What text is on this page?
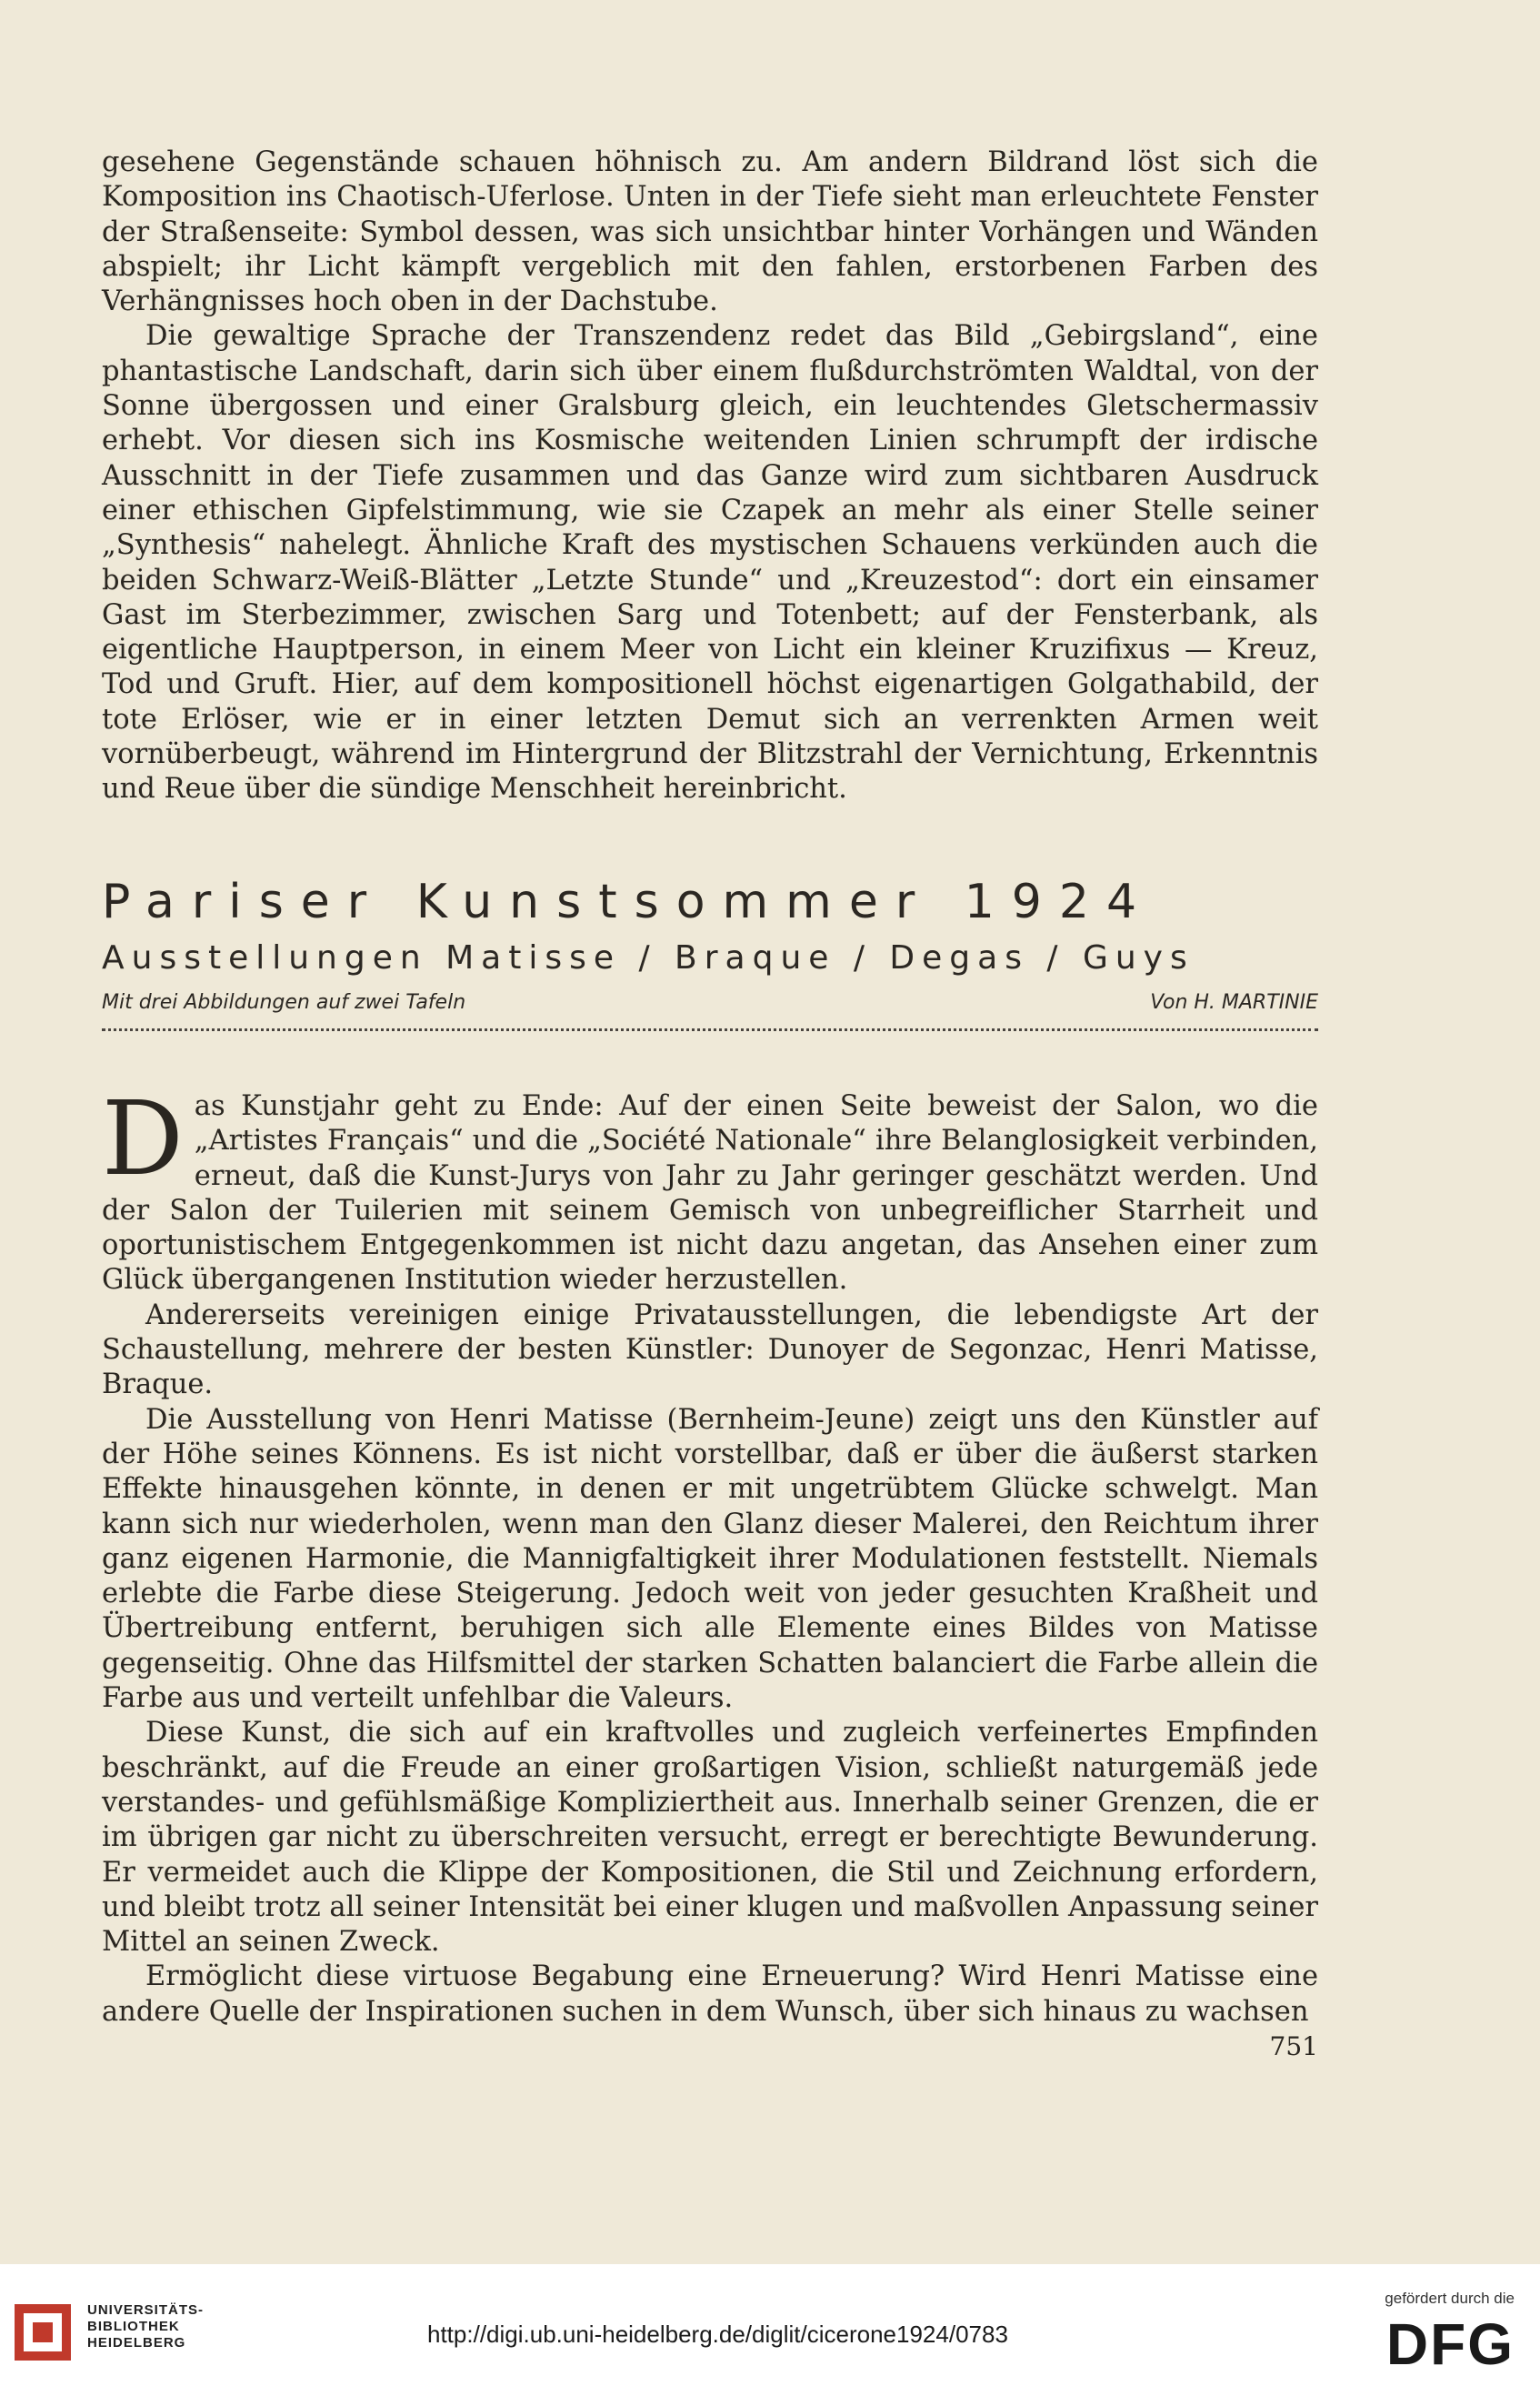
gesehene Gegenstände schauen höhnisch zu. Am andern Bildrand löst sich die Komposition ins Chaotisch-Uferlose. Unten in der Tiefe sieht man erleuchtete Fenster der Straßenseite: Symbol dessen, was sich unsichtbar hinter Vorhängen und Wänden abspielt; ihr Licht kämpft vergeblich mit den fahlen, erstorbenen Farben des Verhängnisses hoch oben in der Dachstube.

Die gewaltige Sprache der Transzendenz redet das Bild „Gebirgsland“, eine phantastische Landschaft, darin sich über einem flußdurchströmten Waldtal, von der Sonne übergossen und einer Gralsburg gleich, ein leuchtendes Gletschermassiv erhebt. Vor diesen sich ins Kosmische weitenden Linien schrumpft der irdische Ausschnitt in der Tiefe zusammen und das Ganze wird zum sichtbaren Ausdruck einer ethischen Gipfelstimmung, wie sie Czapek an mehr als einer Stelle seiner „Synthesis“ nahelegt. Ähnliche Kraft des mystischen Schauens verkünden auch die beiden Schwarz-Weiß-Blätter „Letzte Stunde“ und „Kreuzestod“: dort ein einsamer Gast im Sterbezimmer, zwischen Sarg und Totenbett; auf der Fensterbank, als eigentliche Hauptperson, in einem Meer von Licht ein kleiner Kruzifixus — Kreuz, Tod und Gruft. Hier, auf dem kompositionell höchst eigenartigen Golgathabild, der tote Erlöser, wie er in einer letzten Demut sich an verrenkten Armen weit vornüberbeugt, während im Hintergrund der Blitzstrahl der Vernichtung, Erkenntnis und Reue über die sündige Menschheit hereinbricht.

Pariser Kunstsommer 1924
Ausstellungen Matisse / Braque / Degas / Guys
Mit drei Abbildungen auf zwei Tafeln	Von H. MARTINIE

Das Kunstjahr geht zu Ende: Auf der einen Seite beweist der Salon, wo die „Artistes Français“ und die „Société Nationale“ ihre Belanglosigkeit verbinden, erneut, daß die Kunst-Jurys von Jahr zu Jahr geringer geschätzt werden. Und der Salon der Tuilerien mit seinem Gemisch von unbegreiflicher Starrheit und oportunistischem Entgegenkommen ist nicht dazu angetan, das Ansehen einer zum Glück übergangenen Institution wieder herzustellen.

Andererseits vereinigen einige Privatausstellungen, die lebendigste Art der Schaustellung, mehrere der besten Künstler: Dunoyer de Segonzac, Henri Matisse, Braque.

Die Ausstellung von Henri Matisse (Bernheim-Jeune) zeigt uns den Künstler auf der Höhe seines Könnens. Es ist nicht vorstellbar, daß er über die äußerst starken Effekte hinausgehen könnte, in denen er mit ungetrübtem Glücke schwelgt. Man kann sich nur wiederholen, wenn man den Glanz dieser Malerei, den Reichtum ihrer ganz eigenen Harmonie, die Mannigfaltigkeit ihrer Modulationen feststellt. Niemals erlebte die Farbe diese Steigerung. Jedoch weit von jeder gesuchten Kraßheit und Übertreibung entfernt, beruhigen sich alle Elemente eines Bildes von Matisse gegenseitig. Ohne das Hilfsmittel der starken Schatten balanciert die Farbe allein die Farbe aus und verteilt unfehlbar die Valeurs.

Diese Kunst, die sich auf ein kraftvolles und zugleich verfeinertes Empfinden beschränkt, auf die Freude an einer großartigen Vision, schließt naturgemäß jede verstandes- und gefühlsmäßige Kompliziertheit aus. Innerhalb seiner Grenzen, die er im übrigen gar nicht zu überschreiten versucht, erregt er berechtigte Bewunderung. Er vermeidet auch die Klippe der Kompositionen, die Stil und Zeichnung erfordern, und bleibt trotz all seiner Intensität bei einer klugen und maßvollen Anpassung seiner Mittel an seinen Zweck.

Ermöglicht diese virtuose Begabung eine Erneuerung? Wird Henri Matisse eine andere Quelle der Inspirationen suchen in dem Wunsch, über sich hinaus zu wachsen

751
UNIVERSITÄTS-
BIBLIOTHEK
HEIDELBERG	http://digi.ub.uni-heidelberg.de/diglit/cicerone1924/0783
gefördert durch die
DFG
